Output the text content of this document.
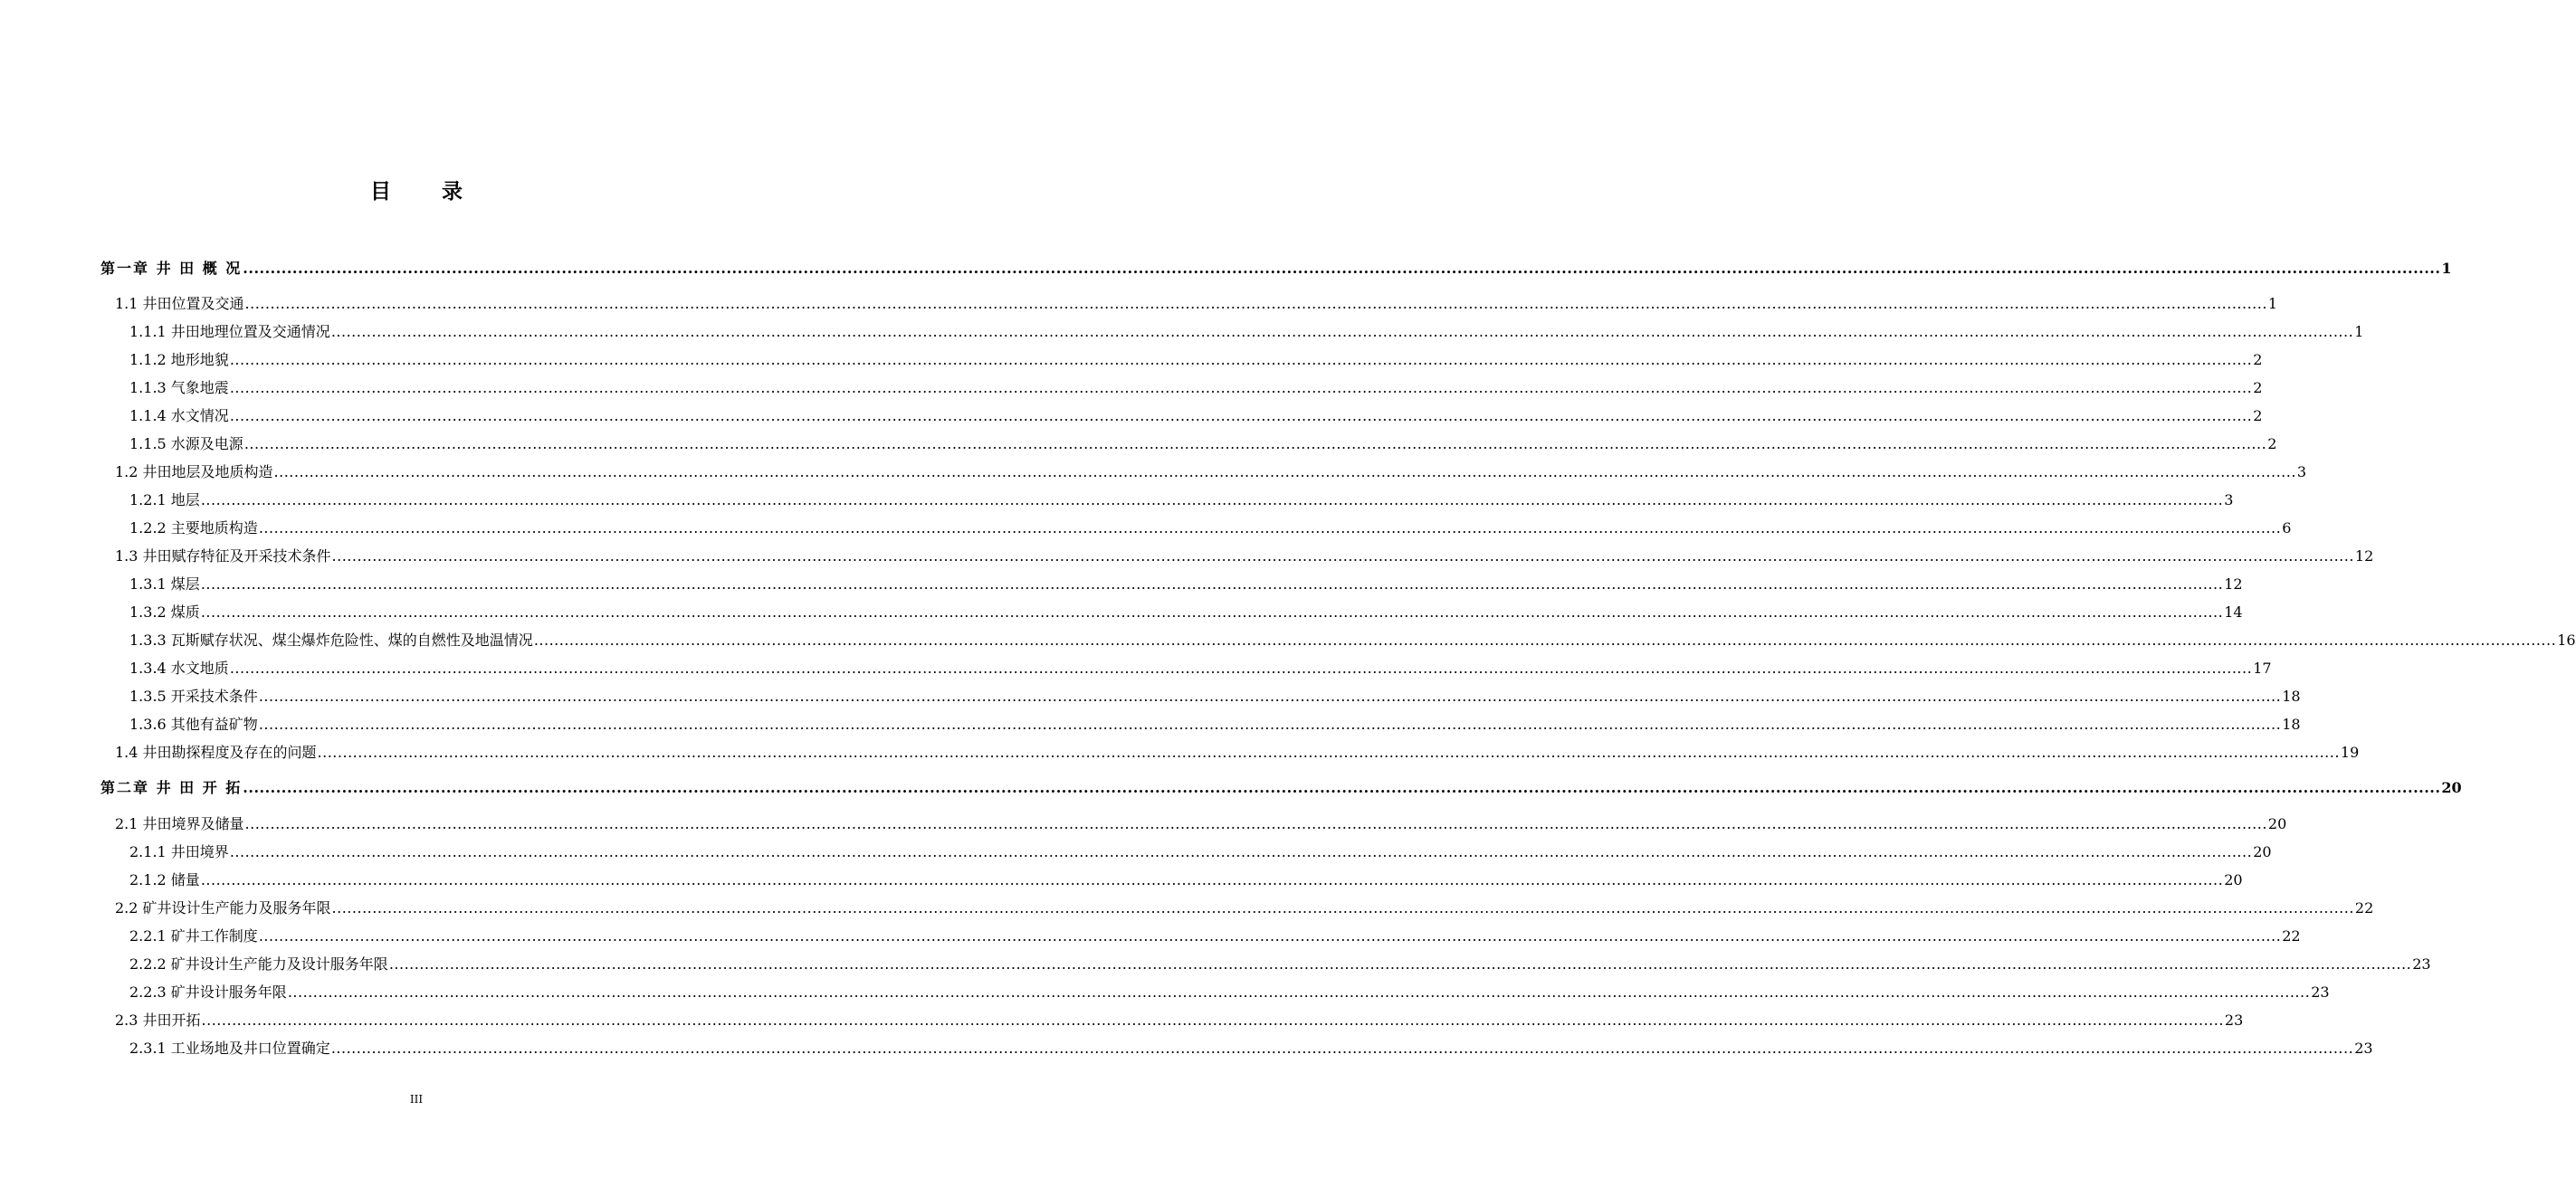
目 录
第一章 井 田 概 况 ................................................................................................................................................................................................................................................................................................................................................................................................................ 1
1.1 井田位置及交通 ................................................................................................................................................................................................................................................................................................................................................................................................................ 1
1.1.1 井田地理位置及交通情况 ................................................................................................................................................................................................................................................................................................................................................................................................................ 1
1.1.2 地形地貌 ................................................................................................................................................................................................................................................................................................................................................................................................................ 2
1.1.3 气象地震 ................................................................................................................................................................................................................................................................................................................................................................................................................ 2
1.1.4 水文情况 ................................................................................................................................................................................................................................................................................................................................................................................................................ 2
1.1.5 水源及电源 ................................................................................................................................................................................................................................................................................................................................................................................................................ 2
1.2 井田地层及地质构造 ................................................................................................................................................................................................................................................................................................................................................................................................................ 3
1.2.1 地层 ................................................................................................................................................................................................................................................................................................................................................................................................................ 3
1.2.2 主要地质构造 ................................................................................................................................................................................................................................................................................................................................................................................................................ 6
1.3 井田赋存特征及开采技术条件 ................................................................................................................................................................................................................................................................................................................................................................................................................ 12
1.3.1 煤层 ................................................................................................................................................................................................................................................................................................................................................................................................................ 12
1.3.2 煤质 ................................................................................................................................................................................................................................................................................................................................................................................................................ 14
1.3.3 瓦斯赋存状况、煤尘爆炸危险性、煤的自燃性及地温情况 ................................................................................................................................................................................................................................................................................................................................................................................................................ 16
1.3.4 水文地质 ................................................................................................................................................................................................................................................................................................................................................................................................................ 17
1.3.5 开采技术条件 ................................................................................................................................................................................................................................................................................................................................................................................................................ 18
1.3.6 其他有益矿物 ................................................................................................................................................................................................................................................................................................................................................................................................................ 18
1.4 井田勘探程度及存在的问题 ................................................................................................................................................................................................................................................................................................................................................................................................................ 19
第二章 井 田 开 拓 ................................................................................................................................................................................................................................................................................................................................................................................................................ 20
2.1 井田境界及储量 ................................................................................................................................................................................................................................................................................................................................................................................................................ 20
2.1.1 井田境界 ................................................................................................................................................................................................................................................................................................................................................................................................................ 20
2.1.2 储量 ................................................................................................................................................................................................................................................................................................................................................................................................................ 20
2.2 矿井设计生产能力及服务年限 ................................................................................................................................................................................................................................................................................................................................................................................................................ 22
2.2.1 矿井工作制度 ................................................................................................................................................................................................................................................................................................................................................................................................................ 22
2.2.2 矿井设计生产能力及设计服务年限 ................................................................................................................................................................................................................................................................................................................................................................................................................ 23
2.2.3 矿井设计服务年限 ................................................................................................................................................................................................................................................................................................................................................................................................................ 23
2.3 井田开拓 ................................................................................................................................................................................................................................................................................................................................................................................................................ 23
2.3.1 工业场地及井口位置确定 ................................................................................................................................................................................................................................................................................................................................................................................................................ 23
III
